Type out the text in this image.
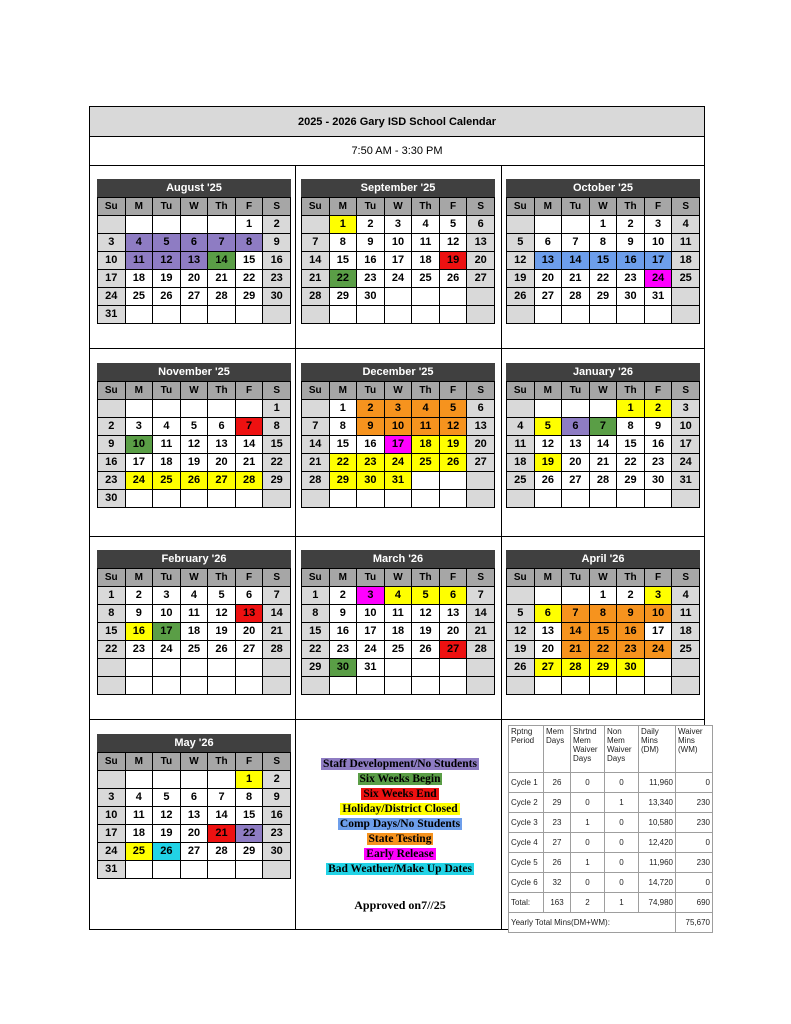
2025 - 2026 Gary ISD School Calendar
7:50 AM - 3:30 PM
August '25
Su	M	Tu	W	Th	F	S
					1	2
3	4	5	6	7	8	9
10	11	12	13	14	15	16
17	18	19	20	21	22	23
24	25	26	27	28	29	30
31						
September '25
Su	M	Tu	W	Th	F	S
	1	2	3	4	5	6
7	8	9	10	11	12	13
14	15	16	17	18	19	20
21	22	23	24	25	26	27
28	29	30				

October '25
Su	M	Tu	W	Th	F	S
			1	2	3	4
5	6	7	8	9	10	11
12	13	14	15	16	17	18
19	20	21	22	23	24	25
26	27	28	29	30	31	

November '25
Su	M	Tu	W	Th	F	S
						1
2	3	4	5	6	7	8
9	10	11	12	13	14	15
16	17	18	19	20	21	22
23	24	25	26	27	28	29
30						
December '25
Su	M	Tu	W	Th	F	S
	1	2	3	4	5	6
7	8	9	10	11	12	13
14	15	16	17	18	19	20
21	22	23	24	25	26	27
28	29	30	31			

January '26
Su	M	Tu	W	Th	F	S
				1	2	3
4	5	6	7	8	9	10
11	12	13	14	15	16	17
18	19	20	21	22	23	24
25	26	27	28	29	30	31

February '26
Su	M	Tu	W	Th	F	S
1	2	3	4	5	6	7
8	9	10	11	12	13	14
15	16	17	18	19	20	21
22	23	24	25	26	27	28

March '26
Su	M	Tu	W	Th	F	S
1	2	3	4	5	6	7
8	9	10	11	12	13	14
15	16	17	18	19	20	21
22	23	24	25	26	27	28
29	30	31				

April '26
Su	M	Tu	W	Th	F	S
			1	2	3	4
5	6	7	8	9	10	11
12	13	14	15	16	17	18
19	20	21	22	23	24	25
26	27	28	29	30		

May '26
Su	M	Tu	W	Th	F	S
					1	2
3	4	5	6	7	8	9
10	11	12	13	14	15	16
17	18	19	20	21	22	23
24	25	26	27	28	29	30
31						
Staff Development/No Students
Six Weeks Begin
Six Weeks End
Holiday/District Closed
Comp Days/No Students
State Testing
Early Release
Bad Weather/Make Up Dates
Approved on7//25
Rptng Period	Mem Days	Shrtnd Mem Waiver Days	Non Mem Waiver Days	Daily Mins (DM)	Waiver Mins (WM)
Cycle 1	26	0	0	11,960	0
Cycle 2	29	0	1	13,340	230
Cycle 3	23	1	0	10,580	230
Cycle 4	27	0	0	12,420	0
Cycle 5	26	1	0	11,960	230
Cycle 6	32	0	0	14,720	0
Total:	163	2	1	74,980	690
Yearly Total Mins(DM+WM):					75,670
